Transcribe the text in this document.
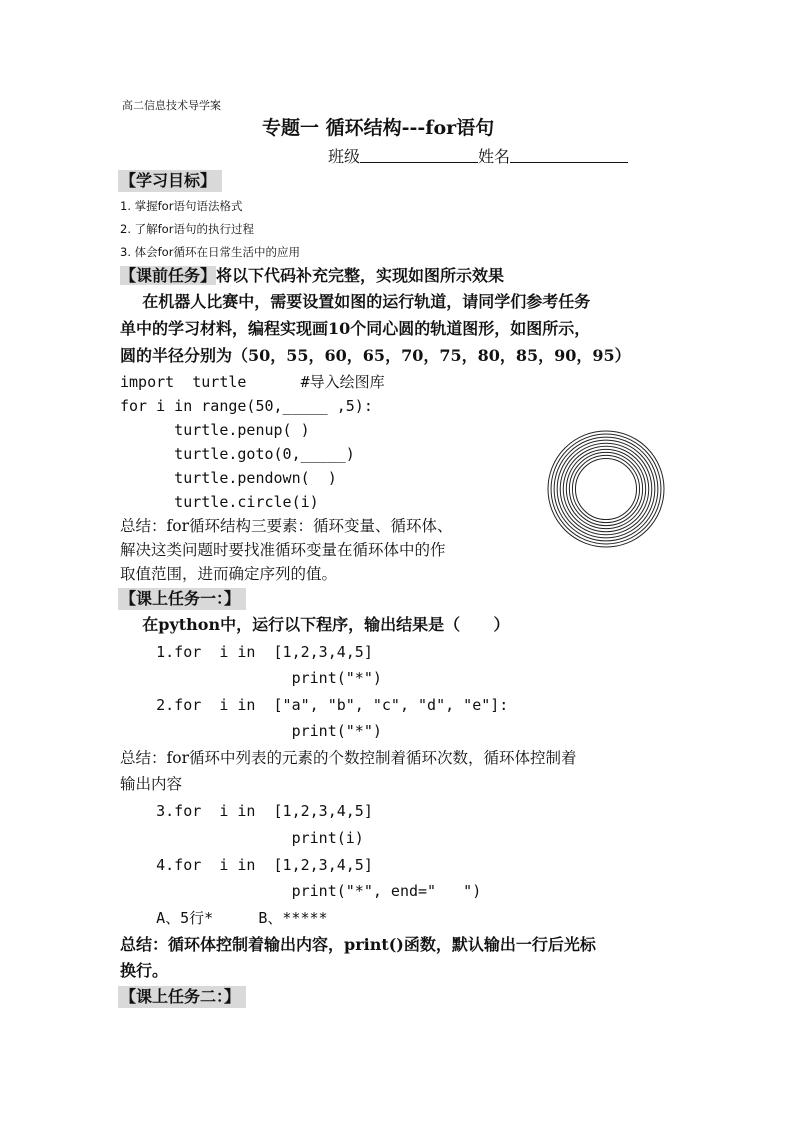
高二信息技术导学案
专题一 循环结构---for语句
班级	姓名
【学习目标】
1. 掌握for语句语法格式
2. 了解for语句的执行过程
3. 体会for循环在日常生活中的应用
【课前任务】将以下代码补充完整，实现如图所示效果
在机器人比赛中，需要设置如图的运行轨道，请同学们参考任务
单中的学习材料，编程实现画10个同心圆的轨道图形，如图所示，
圆的半径分别为（50，55，60，65，70，75，80，85，90，95）
import  turtle      #导入绘图库
for i in range(50,_____ ,5):
turtle.penup( )
turtle.goto(0,_____)
turtle.pendown(  )
turtle.circle(i)
总结：for循环结构三要素：循环变量、循环体、
解决这类问题时要找准循环变量在循环体中的作
取值范围，进而确定序列的值。
【课上任务一：】
在python中，运行以下程序，输出结果是（      ）
1.for  i in  [1,2,3,4,5]
print("*")
2.for  i in  ["a", "b", "c", "d", "e"]:
print("*")
总结：for循环中列表的元素的个数控制着循环次数，循环体控制着
输出内容
3.for  i in  [1,2,3,4,5]
print(i)
4.for  i in  [1,2,3,4,5]
print("*", end="   ")
A、5行*     B、*****
总结：循环体控制着输出内容，print()函数，默认输出一行后光标
换行。
【课上任务二：】
